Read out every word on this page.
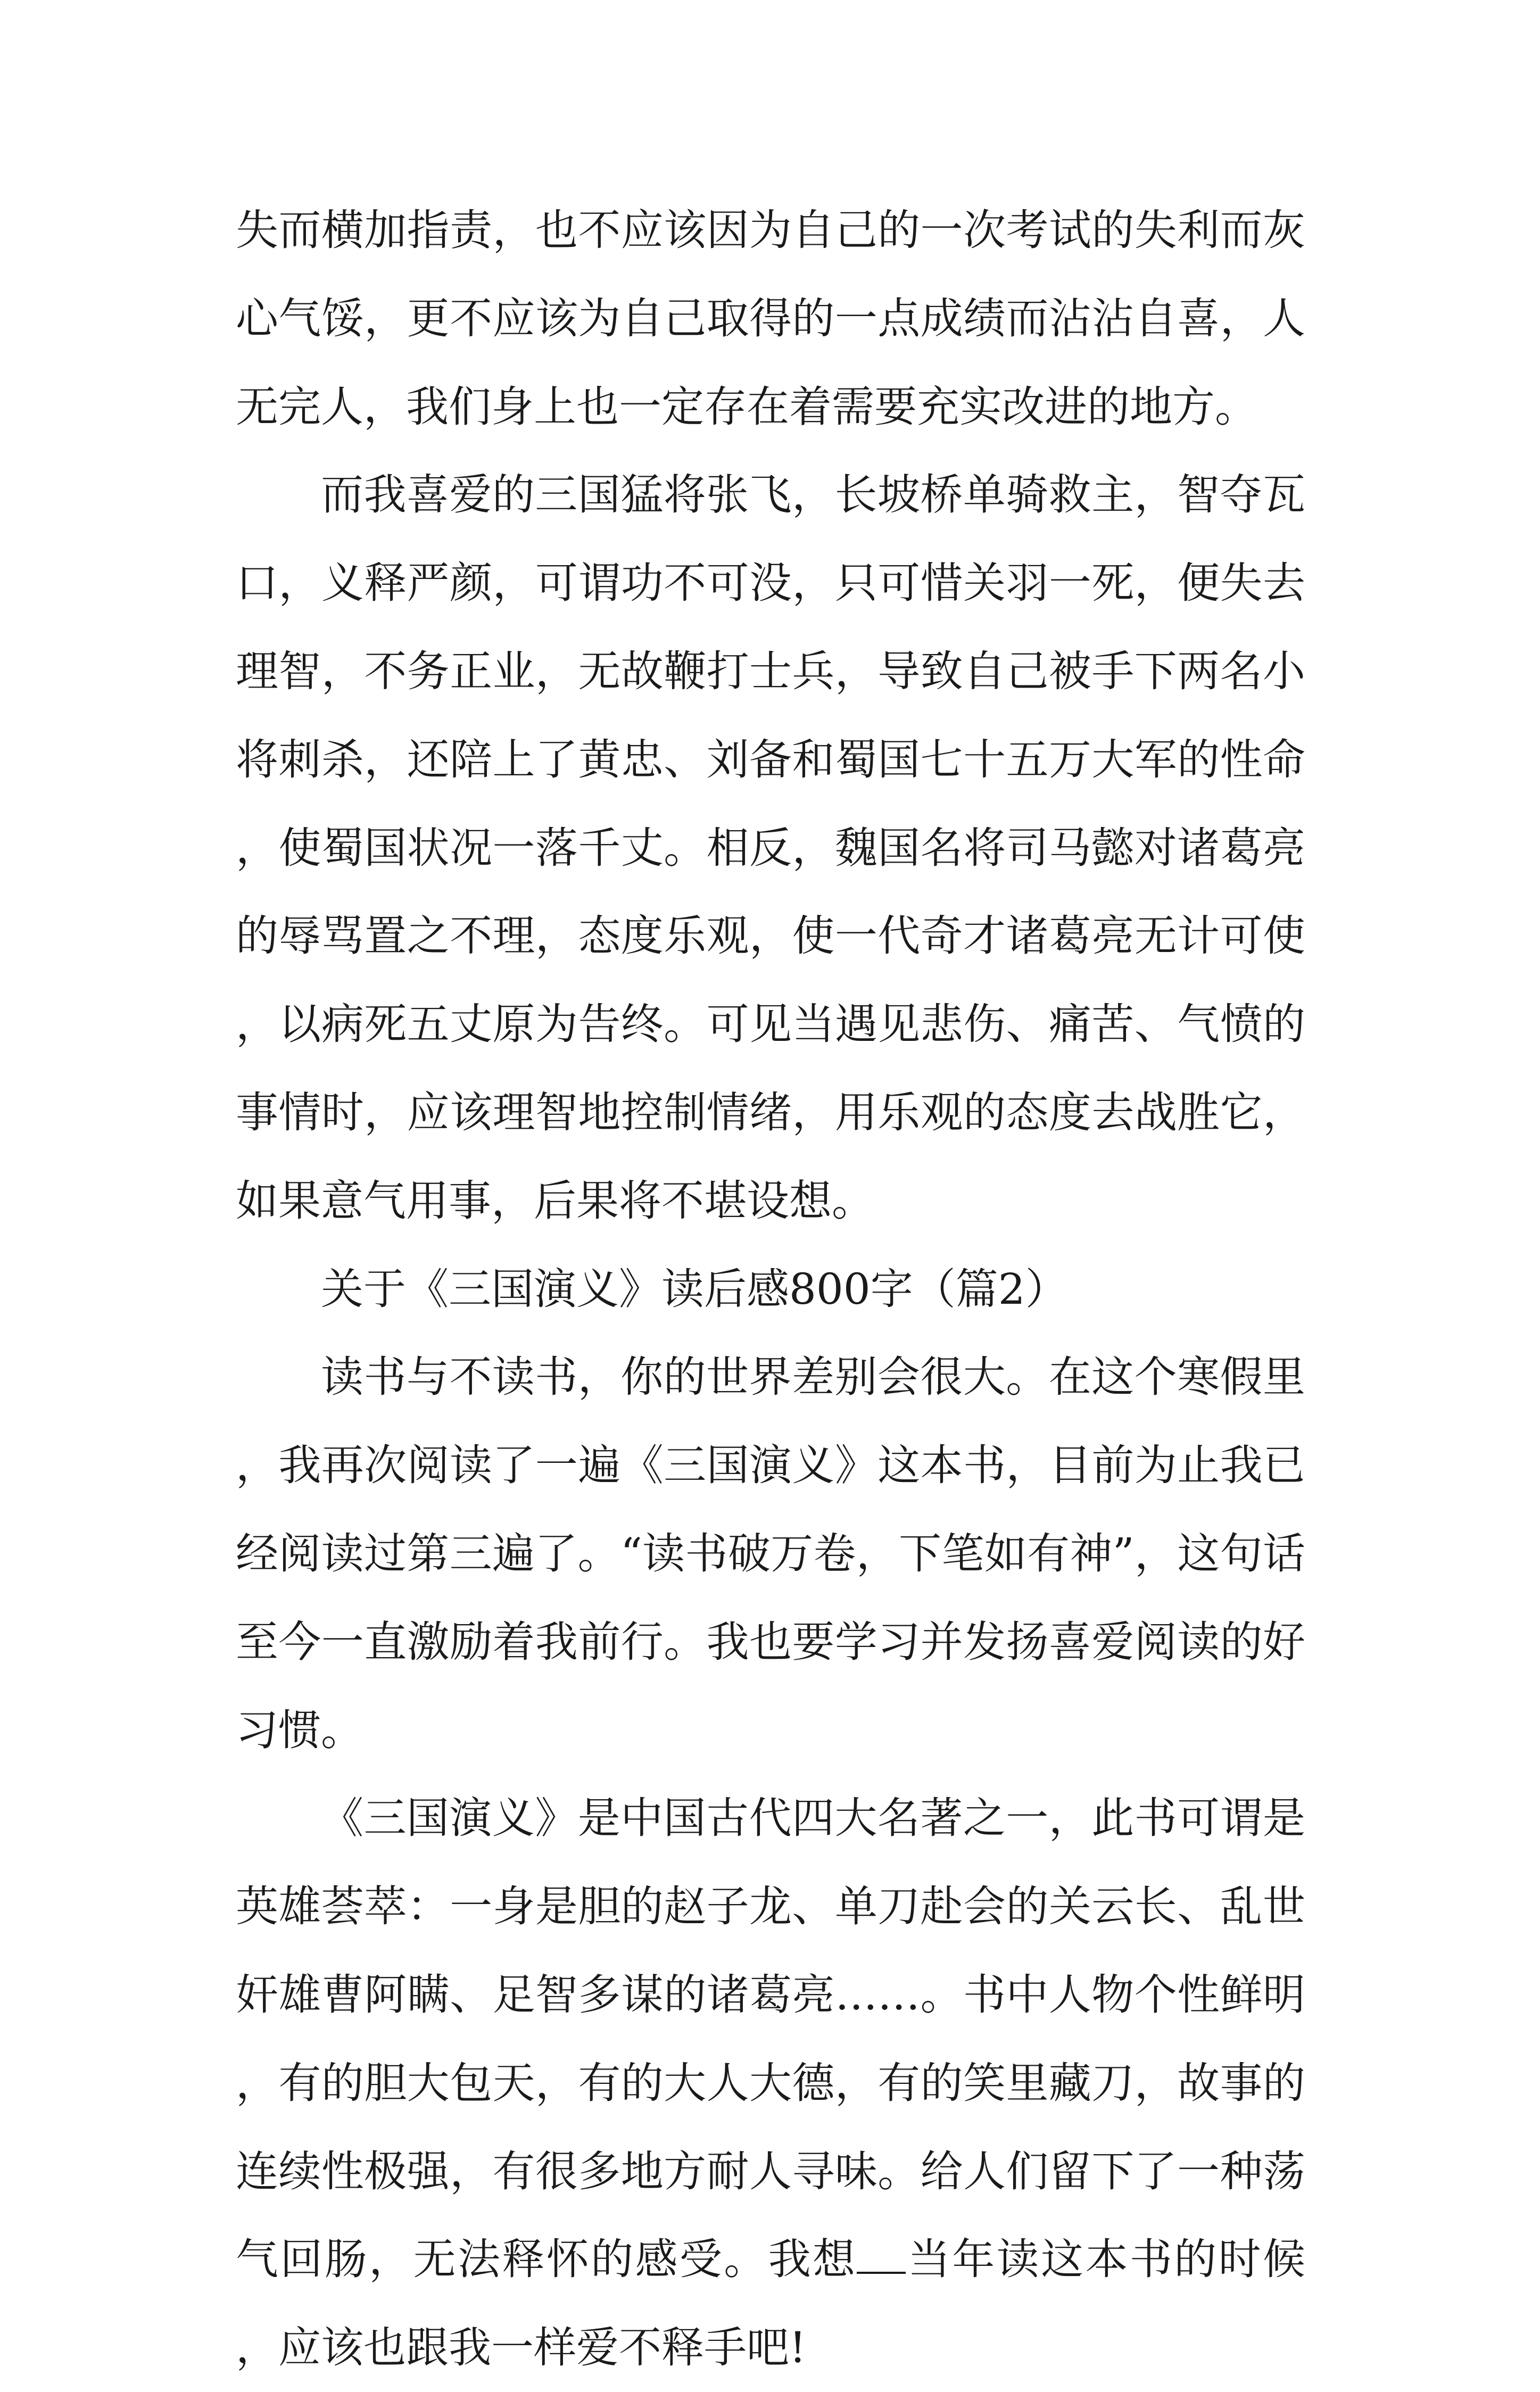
失而横加指责，也不应该因为自己的一次考试的失利而灰心气馁，更不应该为自己取得的一点成绩而沾沾自喜，人无完人，我们身上也一定存在着需要充实改进的地方。

而我喜爱的三国猛将张飞，长坡桥单骑救主，智夺瓦口，义释严颜，可谓功不可没，只可惜关羽一死，便失去理智，不务正业，无故鞭打士兵，导致自己被手下两名小将刺杀，还陪上了黄忠、刘备和蜀国七十五万大军的性命，使蜀国状况一落千丈。相反，魏国名将司马懿对诸葛亮的辱骂置之不理，态度乐观，使一代奇才诸葛亮无计可使，以病死五丈原为告终。可见当遇见悲伤、痛苦、气愤的事情时，应该理智地控制情绪，用乐观的态度去战胜它，如果意气用事，后果将不堪设想。

关于《三国演义》读后感800字（篇2）

读书与不读书，你的世界差别会很大。在这个寒假里，我再次阅读了一遍《三国演义》这本书，目前为止我已经阅读过第三遍了。“读书破万卷，下笔如有神”，这句话至今一直激励着我前行。我也要学习并发扬喜爱阅读的好习惯。

《三国演义》是中国古代四大名著之一，此书可谓是英雄荟萃：一身是胆的赵子龙、单刀赴会的关云长、乱世奸雄曹阿瞒、足智多谋的诸葛亮……。书中人物个性鲜明，有的胆大包天，有的大人大德，有的笑里藏刀，故事的连续性极强，有很多地方耐人寻味。给人们留下了一种荡气回肠，无法释怀的感受。我想 当年读这本书的时候，应该也跟我一样爱不释手吧!
